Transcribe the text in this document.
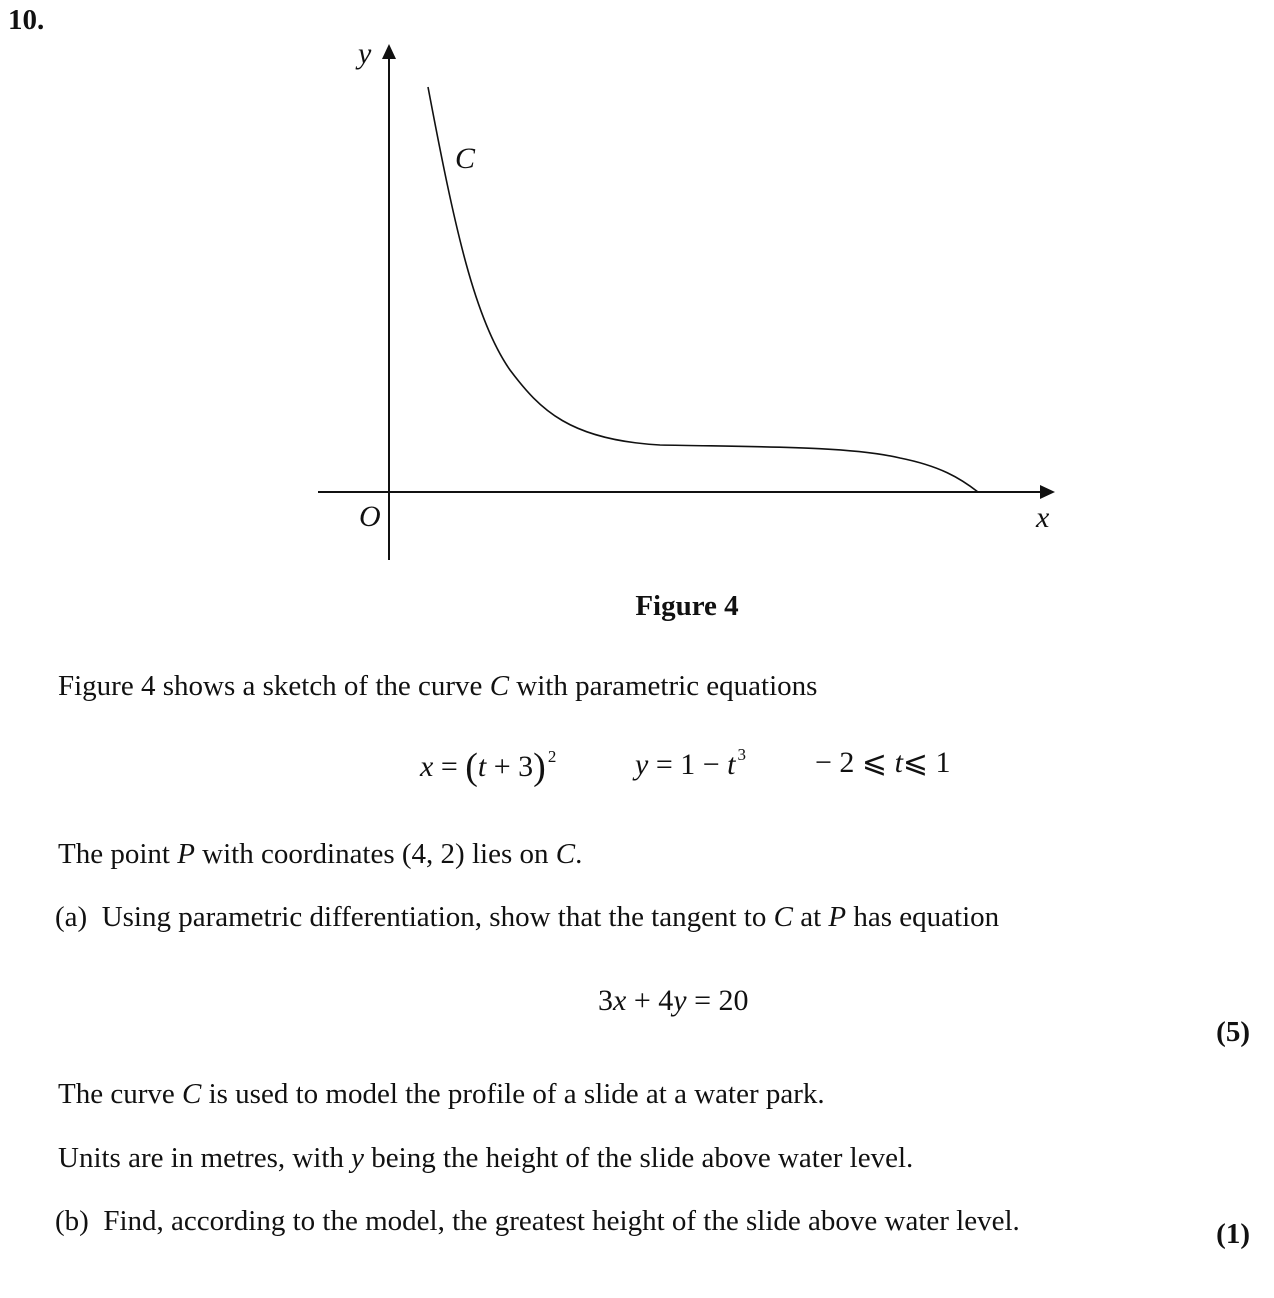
10.
y
x
O
C
Figure 4
Figure 4 shows a sketch of the curve C with parametric equations
x = (t + 3) $^2$	y = 1 − t $^3$ − 2 ⩽ t⩽ 1
The point P with coordinates (4, 2) lies on C.
(a) Using parametric differentiation, show that the tangent to C at P has equation
3x + 4y = 20
(5)
The curve C is used to model the profile of a slide at a water park.
Units are in metres, with y being the height of the slide above water level.
(b) Find, according to the model, the greatest height of the slide above water level.	(1)
